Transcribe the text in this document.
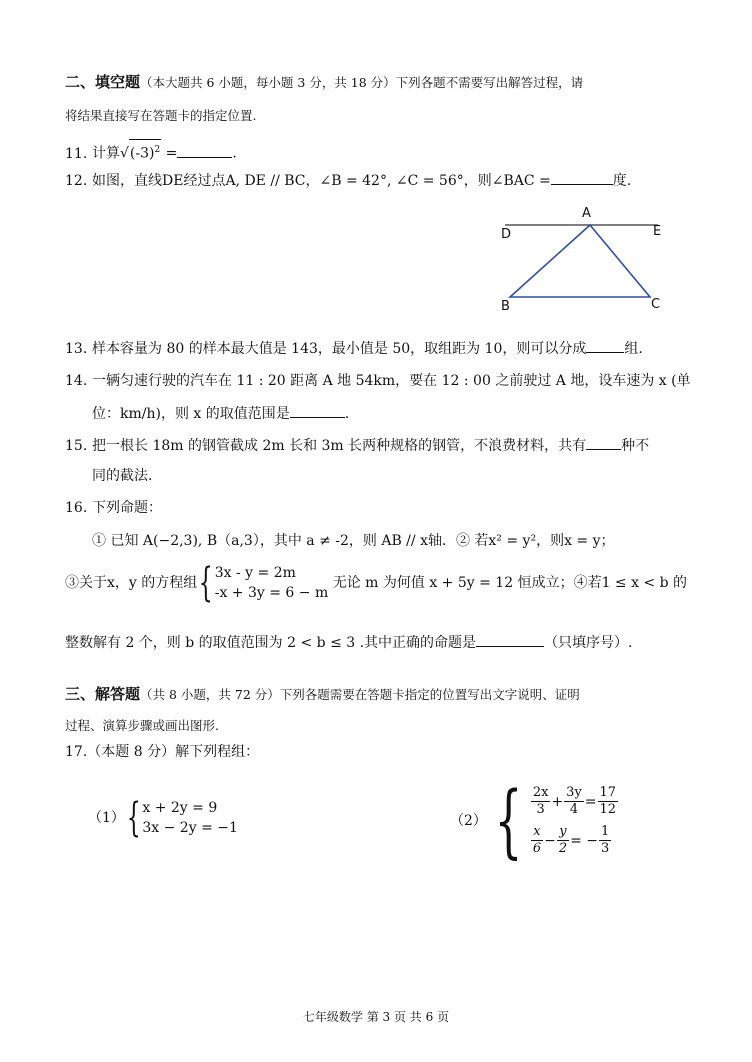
二、填空题（本大题共 6 小题，每小题 3 分，共 18 分）下列各题不需要写出解答过程，请
将结果直接写在答题卡的指定位置.
11. 计算$√(-3)^2$ =	.
12. 如图，直线DE经过点A, DE // BC，∠B = 42°, ∠C = 56°，则∠BAC =	度.
A
D	E
B	C
13. 样本容量为 80 的样本最大值是 143，最小值是 50，取组距为 10，则可以分成	组.
14. 一辆匀速行驶的汽车在 11 : 20 距离 A 地 54km，要在 12 : 00 之前驶过 A 地，设车速为 x (单
位：km/h)，则 x 的取值范围是	.
15. 把一根长 18m 的钢管截成 2m 长和 3m 长两种规格的钢管，不浪费材料，共有	种不
同的截法.
16. 下列命题：
① 已知 A(−2,3), B（a,3），其中 a ≠ -2，则 AB // x轴．② 若x² = y²，则x = y；
③关于x，y 的方程组 { 3x - y = 2m
-x + 3y = 6 − m

无论 m 为何值 x + 5y = 12 恒成立；④若1 ≤ x < b 的
整数解有 2 个，则 b 的取值范围为 2 < b ≤ 3 .其中正确的命题是	（只填序号）.
三、解答题（共 8 小题，共 72 分）下列各题需要在答题卡指定的位置写出文字说明、证明
过程、演算步骤或画出图形.
17.（本题 8 分）解下列程组：
（1） { x + 2y = 9
3x − 2y = −1	（2） { $\frac{2x}{3} + \frac{3y}{4} = \frac{17}{12}$
$\frac{x}{6} - \frac{y}{2}$ = − $\frac{1}{3}$
七年级数学 第 3 页 共 6 页
